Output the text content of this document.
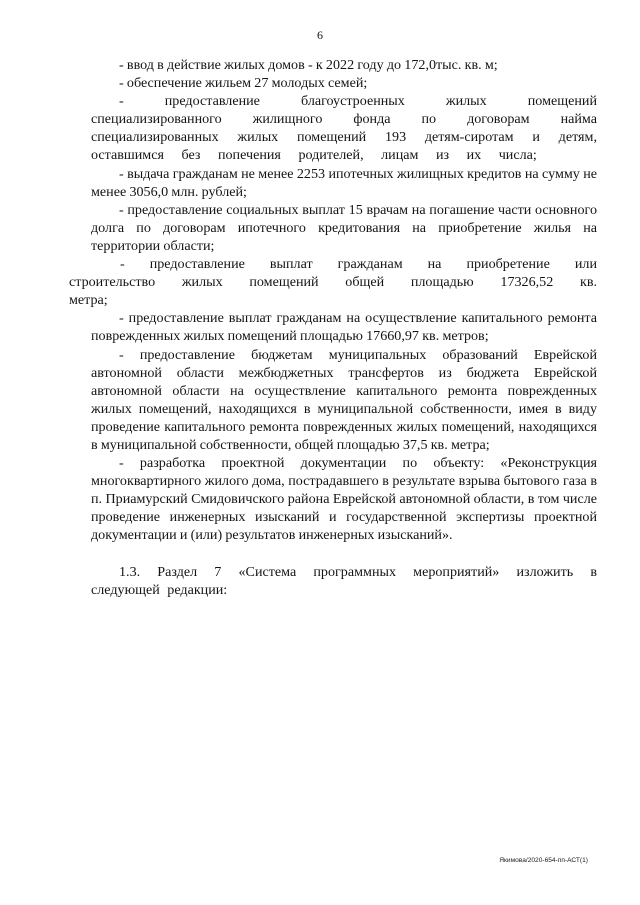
6

- ввод в действие жилых домов - к 2022 году до 172,0тыс. кв. м;

- обеспечение жильем 27 молодых семей;

- предоставление благоустроенных жилых помещений специализированного жилищного фонда по договорам найма специализированных жилых помещений 193 детям-сиротам и детям, оставшимся без попечения родителей, лицам из их числа;

- выдача гражданам не менее 2253 ипотечных жилищных кредитов на сумму не менее 3056,0 млн. рублей;

- предоставление социальных выплат 15 врачам на погашение части основного долга по договорам ипотечного кредитования на приобретение жилья на территории области;

- предоставление выплат гражданам на приобретение или строительство жилых помещений общей площадью 17326,52 кв. метра;

- предоставление выплат гражданам на осуществление капитального ремонта поврежденных жилых помещений площадью 17660,97 кв. метров;

- предоставление бюджетам муниципальных образований Еврейской автономной области межбюджетных трансфертов из бюджета Еврейской автономной области на осуществление капитального ремонта поврежденных жилых помещений, находящихся в муниципальной собственности, имея в виду проведение капитального ремонта поврежденных жилых помещений, находящихся в муниципальной собственности, общей площадью 37,5 кв. метра;

- разработка проектной документации по объекту: «Реконструкция многоквартирного жилого дома, пострадавшего в результате взрыва бытового газа в п. Приамурский Смидовичского района Еврейской автономной области, в том числе проведение инженерных изысканий и государственной экспертизы проектной документации и (или) результатов инженерных изысканий».

1.3. Раздел 7 «Система программных мероприятий» изложить в следующей редакции:

Якимова/2020-654-пп-АСТ(1)
